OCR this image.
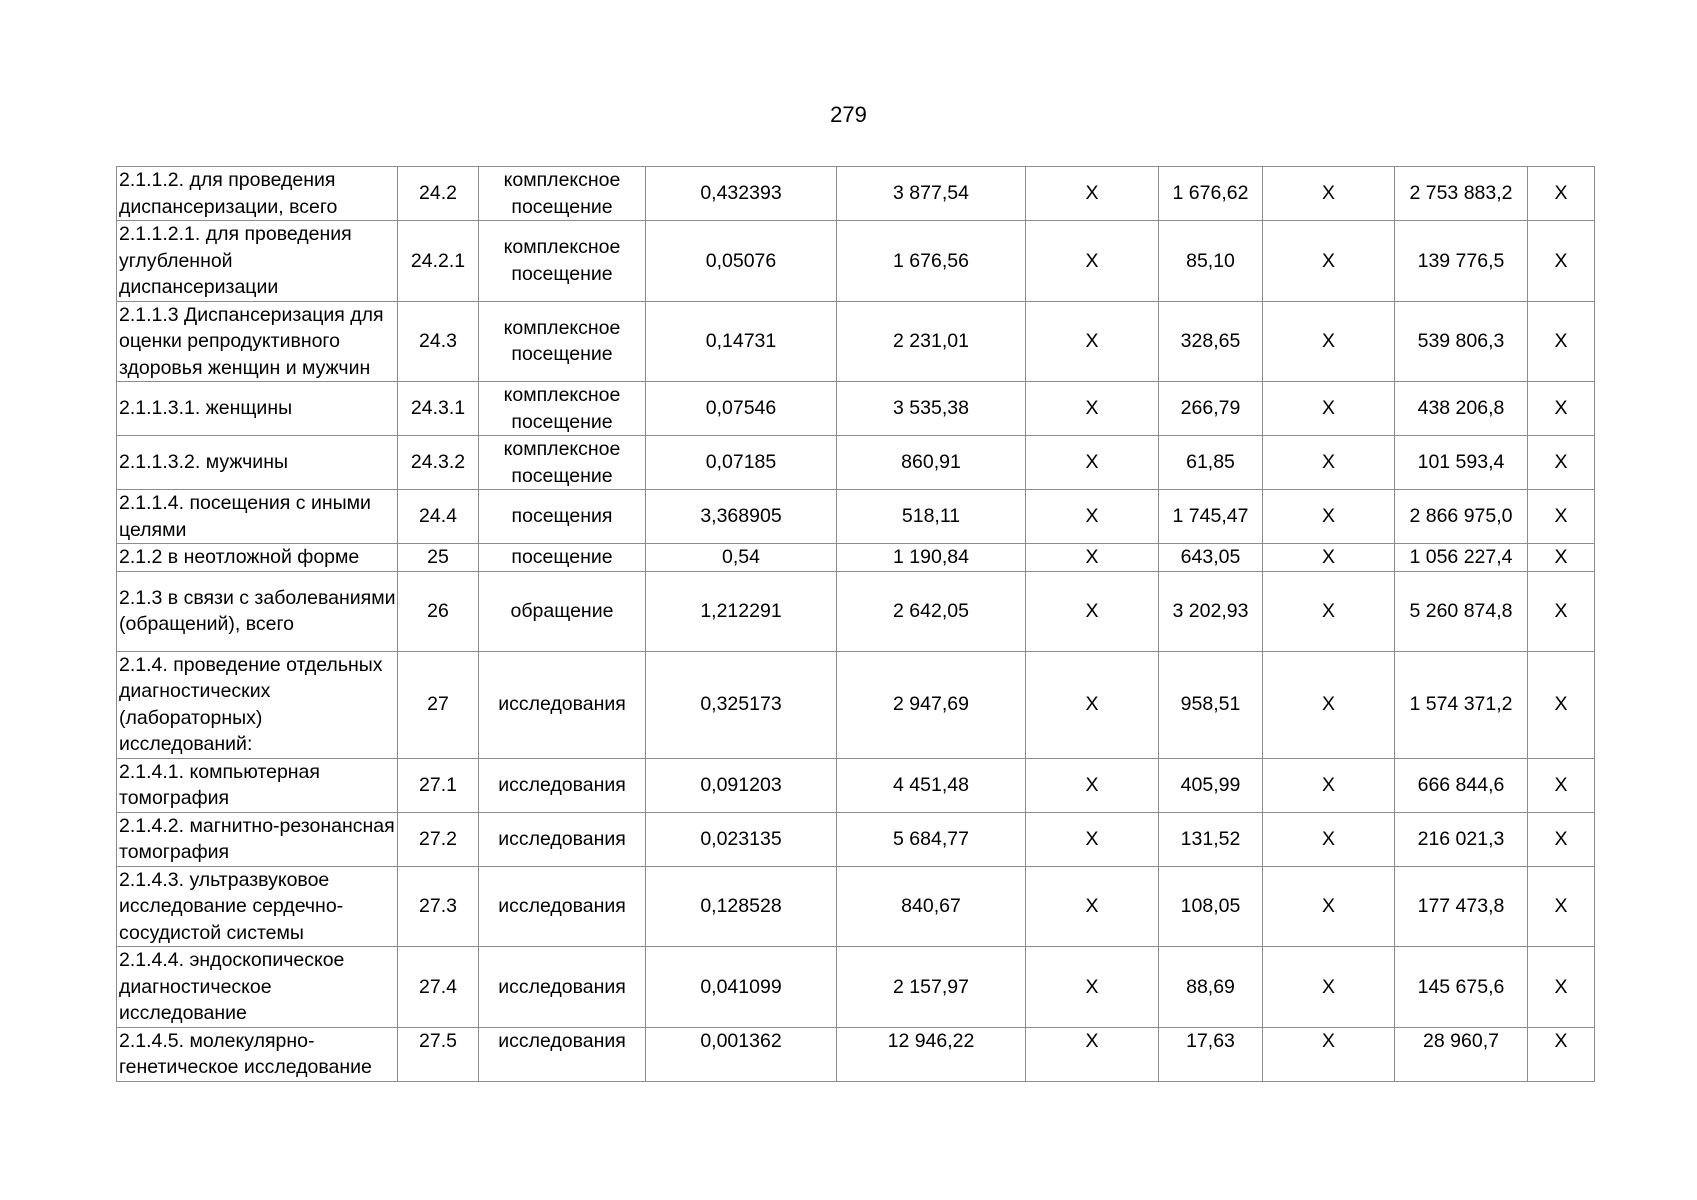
279
2.1.1.2. для проведения диспансеризации, всего	24.2	комплексное посещение	0,432393	3 877,54	X	1 676,62	X	2 753 883,2	X
2.1.1.2.1. для проведения углубленной диспансеризации	24.2.1	комплексное посещение	0,05076	1 676,56	X	85,10	X	139 776,5	X
2.1.1.3 Диспансеризация для оценки репродуктивного здоровья женщин и мужчин	24.3	комплексное посещение	0,14731	2 231,01	X	328,65	X	539 806,3	X
2.1.1.3.1. женщины	24.3.1	комплексное посещение	0,07546	3 535,38	X	266,79	X	438 206,8	X
2.1.1.3.2. мужчины	24.3.2	комплексное посещение	0,07185	860,91	X	61,85	X	101 593,4	X
2.1.1.4. посещения с иными целями	24.4	посещения	3,368905	518,11	X	1 745,47	X	2 866 975,0	X
2.1.2 в неотложной форме	25	посещение	0,54	1 190,84	X	643,05	X	1 056 227,4	X
2.1.3 в связи с заболеваниями (обращений), всего	26	обращение	1,212291	2 642,05	X	3 202,93	X	5 260 874,8	X
2.1.4. проведение отдельных диагностических (лабораторных) исследований:	27	исследования	0,325173	2 947,69	X	958,51	X	1 574 371,2	X
2.1.4.1. компьютерная томография	27.1	исследования	0,091203	4 451,48	X	405,99	X	666 844,6	X
2.1.4.2. магнитно-резонансная томография	27.2	исследования	0,023135	5 684,77	X	131,52	X	216 021,3	X
2.1.4.3. ультразвуковое исследование сердечно-сосудистой системы	27.3	исследования	0,128528	840,67	X	108,05	X	177 473,8	X
2.1.4.4. эндоскопическое диагностическое исследование	27.4	исследования	0,041099	2 157,97	X	88,69	X	145 675,6	X
2.1.4.5. молекулярно-генетическое исследование	27.5	исследования	0,001362	12 946,22	X	17,63	X	28 960,7	X
